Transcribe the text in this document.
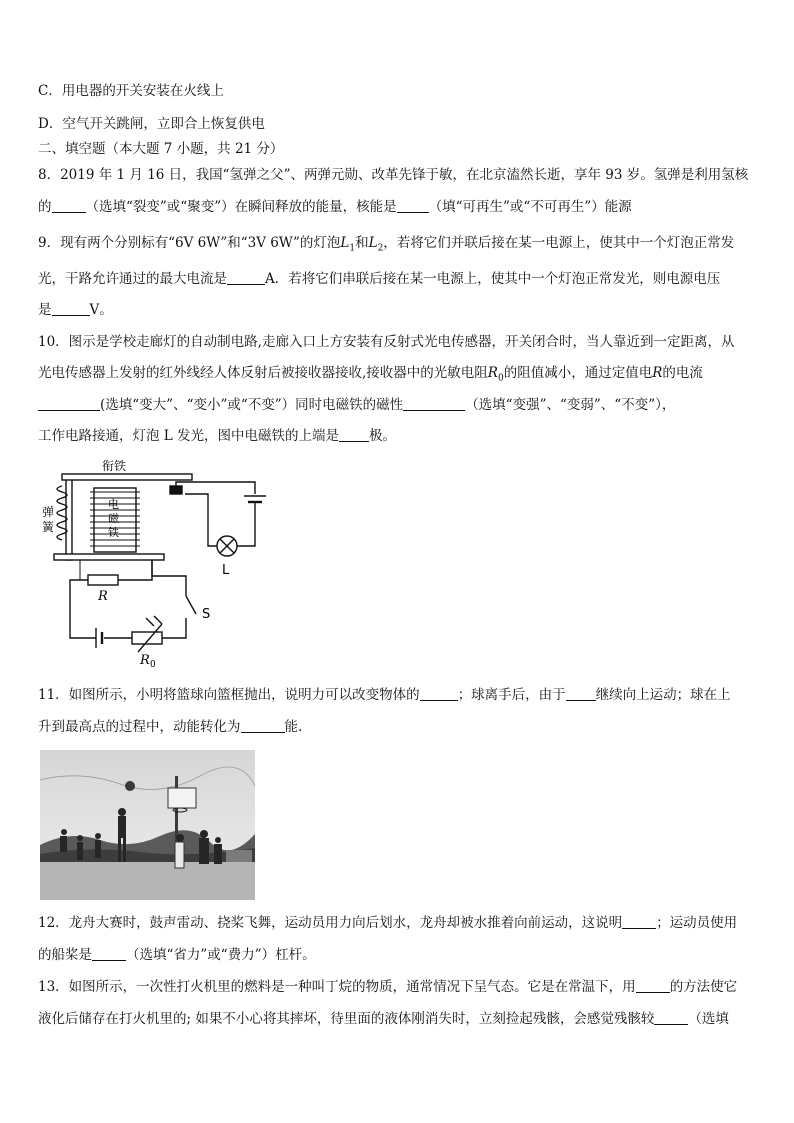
C．用电器的开关安装在火线上
D．空气开关跳闸，立即合上恢复供电
二、填空题（本大题 7 小题，共 21 分）
8．2019 年 1 月 16 日，我国“氢弹之父”、两弹元勋、改革先锋于敏，在北京溘然长逝，享年 93 岁。氢弹是利用氢核
的	（选填“裂变”或“聚变”）在瞬间释放的能量，核能是 （填“可再生”或“不可再生”）能源
9．现有两个分别标有“6V 6W”和“3V 6W”的灯泡$L_1$和$L_2$，若将它们并联后接在某一电源上，使其中一个灯泡正常发
光，干路允许通过的最大电流是	A．若将它们串联后接在某一电源上，使其中一个灯泡正常发光，则电源电压
是	V。
10．图示是学校走廊灯的自动制电路,走廊入口上方安装有反射式光电传感器，开关闭合时，当人靠近到一定距离，从
光电传感器上发射的红外线经人体反射后被接收器接收,接收器中的光敏电阻$R_0$的阻值减小，通过定值电R的电流
(选填“变大”、“变小”或“不变”）同时电磁铁的磁性	（选填“变强”、“变弱”、“不变”），
工作电路接通，灯泡 L 发光，图中电磁铁的上端是 极。
衔铁
弹
簧
电
磁
铁
R
R 0
S
L
11．如图所示，小明将篮球向篮框抛出，说明力可以改变物体的	；球离手后，由于 继续向上运动；球在上
升到最高点的过程中，动能转化为	能.
12．龙舟大赛时，鼓声雷动、挠桨飞舞，运动员用力向后划水，龙舟却被水推着向前运动，这说明	；运动员使用
的船桨是	（选填“省力”或“费力”）杠杆。
13．如图所示，一次性打火机里的燃料是一种叫丁烷的物质，通常情况下呈气态。它是在常温下，用	的方法使它
液化后储存在打火机里的; 如果不小心将其摔坏，待里面的液体刚消失时，立刻捡起残骸，会感觉残骸较	（选填
